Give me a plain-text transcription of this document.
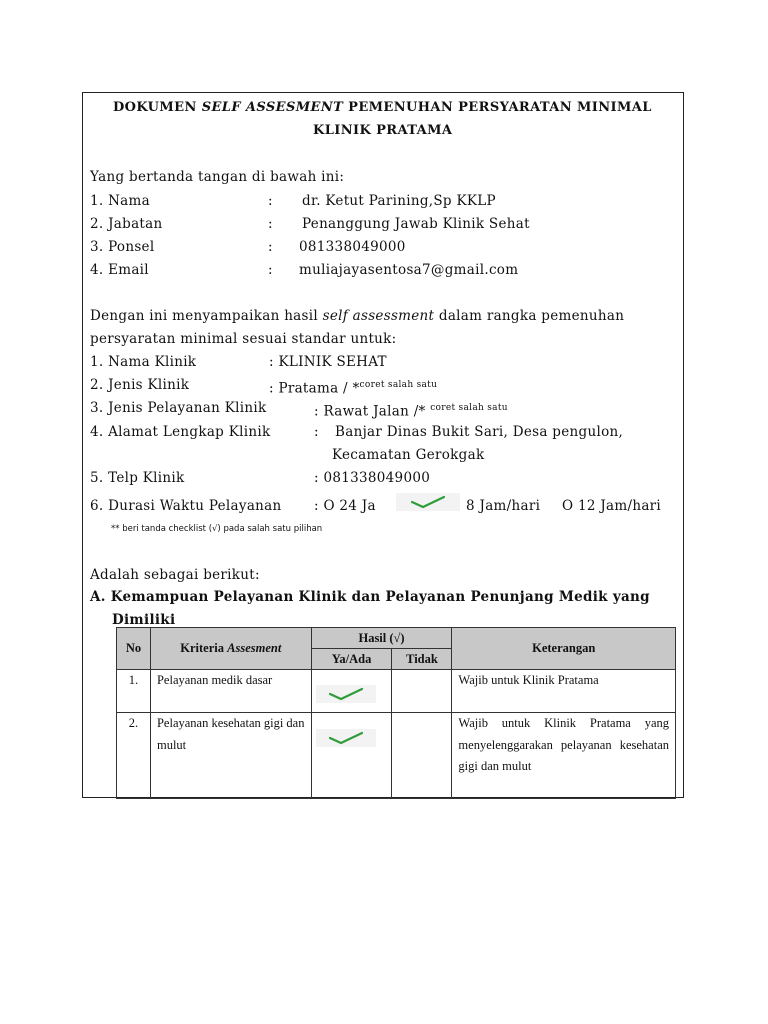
DOKUMEN SELF ASSESMENT PEMENUHAN PERSYARATAN MINIMAL
KLINIK PRATAMA
Yang bertanda tangan di bawah ini:
1. Nama	: dr. Ketut Parining,Sp KKLP
2. Jabatan	: Penanggung Jawab Klinik Sehat
3. Ponsel	: 081338049000
4. Email	: muliajayasentosa7@gmail.com
Dengan ini menyampaikan hasil self assessment dalam rangka pemenuhan
persyaratan minimal sesuai standar untuk:
1. Nama Klinik	: KLINIK SEHAT
2. Jenis Klinik	: Pratama / *$^{coret salah satu}$
3. Jenis Pelayanan Klinik	: Rawat Jalan /* $^{coret salah satu}$
4. Alamat Lengkap Klinik	: Banjar Dinas Bukit Sari, Desa pengulon,
Kecamatan Gerokgak
5. Telp Klinik	: 081338049000
6. Durasi Waktu Pelayanan : O 24 Ja	8 Jam/hari O 12 Jam/hari
** beri tanda checklist (√) pada salah satu pilihan
Adalah sebagai berikut:
A. Kemampuan Pelayanan Klinik dan Pelayanan Penunjang Medik yang
Dimiliki
No	Kriteria Assesment	Hasil (√)		Keterangan
		Ya/Ada	Tidak	
1.	Pelayanan medik dasar			Wajib untuk Klinik Pratama
2.	Pelayanan kesehatan gigi dan mulut			Wajib untuk Klinik Pratama yang menyelenggarakan pelayanan kesehatan gigi dan mulut
